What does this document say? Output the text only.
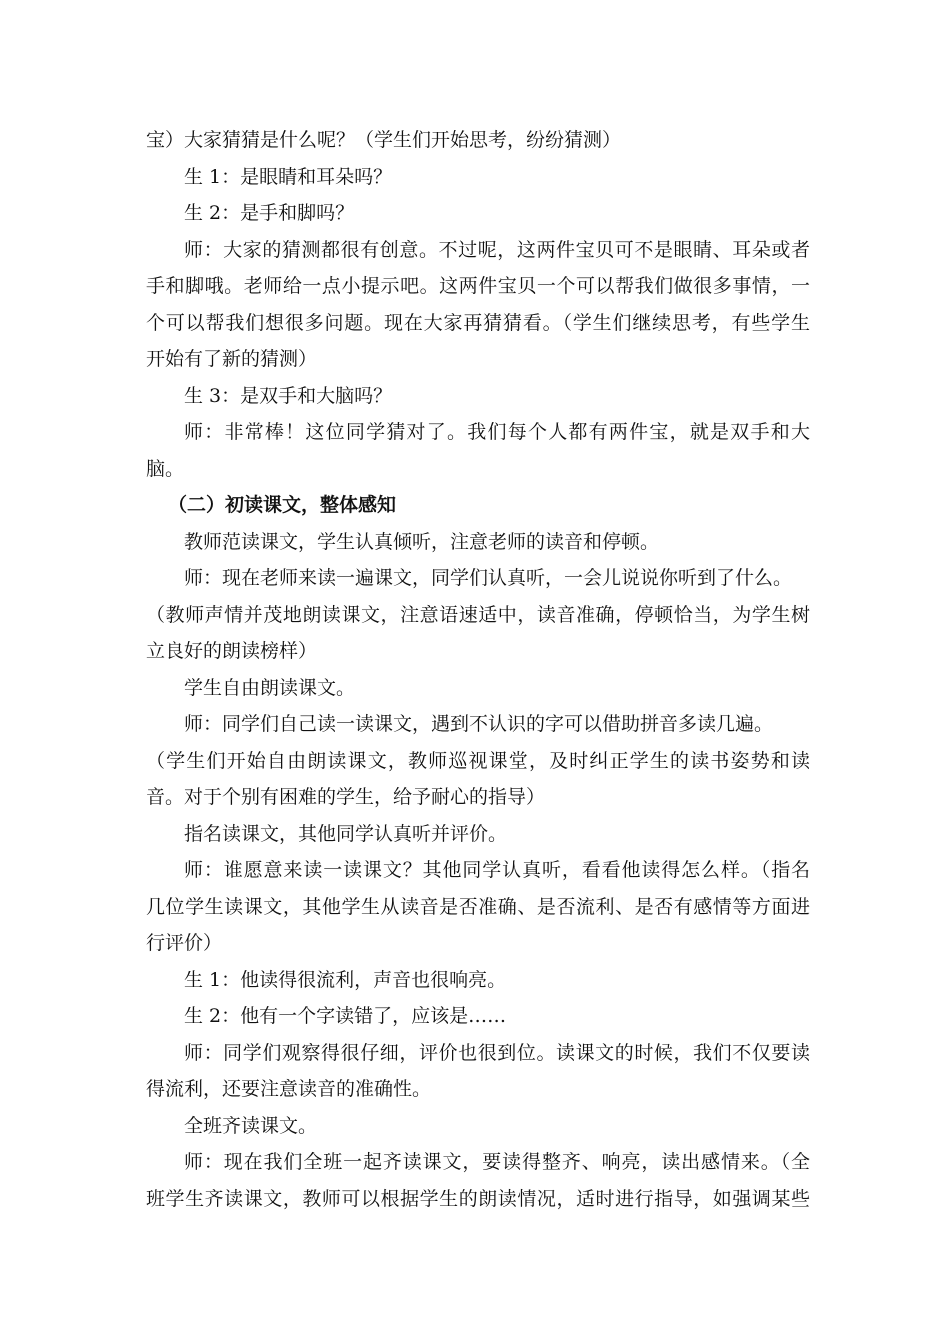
宝）大家猜猜是什么呢？（学生们开始思考，纷纷猜测）
生 1：是眼睛和耳朵吗？
生 2：是手和脚吗？
师：大家的猜测都很有创意。不过呢，这两件宝贝可不是眼睛、耳朵或者
手和脚哦。老师给一点小提示吧。这两件宝贝一个可以帮我们做很多事情，一
个可以帮我们想很多问题。现在大家再猜猜看。（学生们继续思考，有些学生
开始有了新的猜测）
生 3：是双手和大脑吗？
师：非常棒！这位同学猜对了。我们每个人都有两件宝，就是双手和大
脑。
（二）初读课文，整体感知
教师范读课文，学生认真倾听，注意老师的读音和停顿。
师：现在老师来读一遍课文，同学们认真听，一会儿说说你听到了什么。
（教师声情并茂地朗读课文，注意语速适中，读音准确，停顿恰当，为学生树
立良好的朗读榜样）
学生自由朗读课文。
师：同学们自己读一读课文，遇到不认识的字可以借助拼音多读几遍。
（学生们开始自由朗读课文，教师巡视课堂，及时纠正学生的读书姿势和读
音。对于个别有困难的学生，给予耐心的指导）
指名读课文，其他同学认真听并评价。
师：谁愿意来读一读课文？其他同学认真听，看看他读得怎么样。（指名
几位学生读课文，其他学生从读音是否准确、是否流利、是否有感情等方面进
行评价）
生 1：他读得很流利，声音也很响亮。
生 2：他有一个字读错了，应该是……
师：同学们观察得很仔细，评价也很到位。读课文的时候，我们不仅要读
得流利，还要注意读音的准确性。
全班齐读课文。
师：现在我们全班一起齐读课文，要读得整齐、响亮，读出感情来。（全
班学生齐读课文，教师可以根据学生的朗读情况，适时进行指导，如强调某些
